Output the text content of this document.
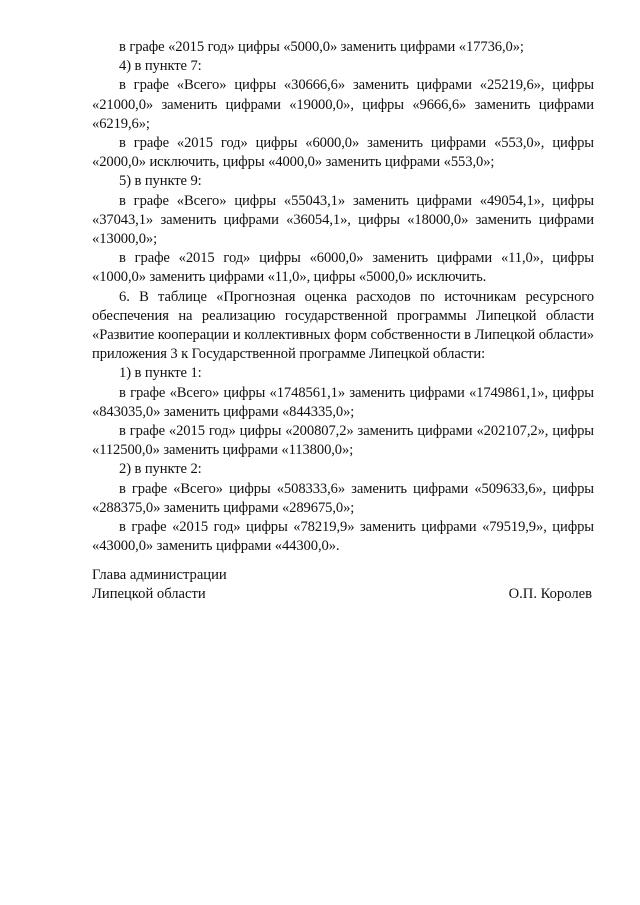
в графе «2015 год» цифры «5000,0» заменить цифрами «17736,0»;

4) в пункте 7:

в графе «Всего» цифры «30666,6» заменить цифрами «25219,6», цифры «21000,0» заменить цифрами «19000,0», цифры «9666,6» заменить цифрами «6219,6»;

в графе «2015 год» цифры «6000,0» заменить цифрами «553,0», цифры «2000,0» исключить, цифры «4000,0» заменить цифрами «553,0»;

5) в пункте 9:

в графе «Всего» цифры «55043,1» заменить цифрами «49054,1», цифры «37043,1» заменить цифрами «36054,1», цифры «18000,0» заменить цифрами «13000,0»;

в графе «2015 год» цифры «6000,0» заменить цифрами «11,0», цифры «1000,0» заменить цифрами «11,0», цифры «5000,0» исключить.

6. В таблице «Прогнозная оценка расходов по источникам ресурсного обеспечения на реализацию государственной программы Липецкой области «Развитие кооперации и коллективных форм собственности в Липецкой области» приложения 3 к Государственной программе Липецкой области:

1) в пункте 1:

в графе «Всего» цифры «1748561,1» заменить цифрами «1749861,1», цифры «843035,0» заменить цифрами «844335,0»;

в графе «2015 год» цифры «200807,2» заменить цифрами «202107,2», цифры «112500,0» заменить цифрами «113800,0»;

2) в пункте 2:

в графе «Всего» цифры «508333,6» заменить цифрами «509633,6», цифры «288375,0» заменить цифрами «289675,0»;

в графе «2015 год» цифры «78219,9» заменить цифрами «79519,9», цифры «43000,0» заменить цифрами «44300,0».

Глава администрации
Липецкой области	О.П. Королев
